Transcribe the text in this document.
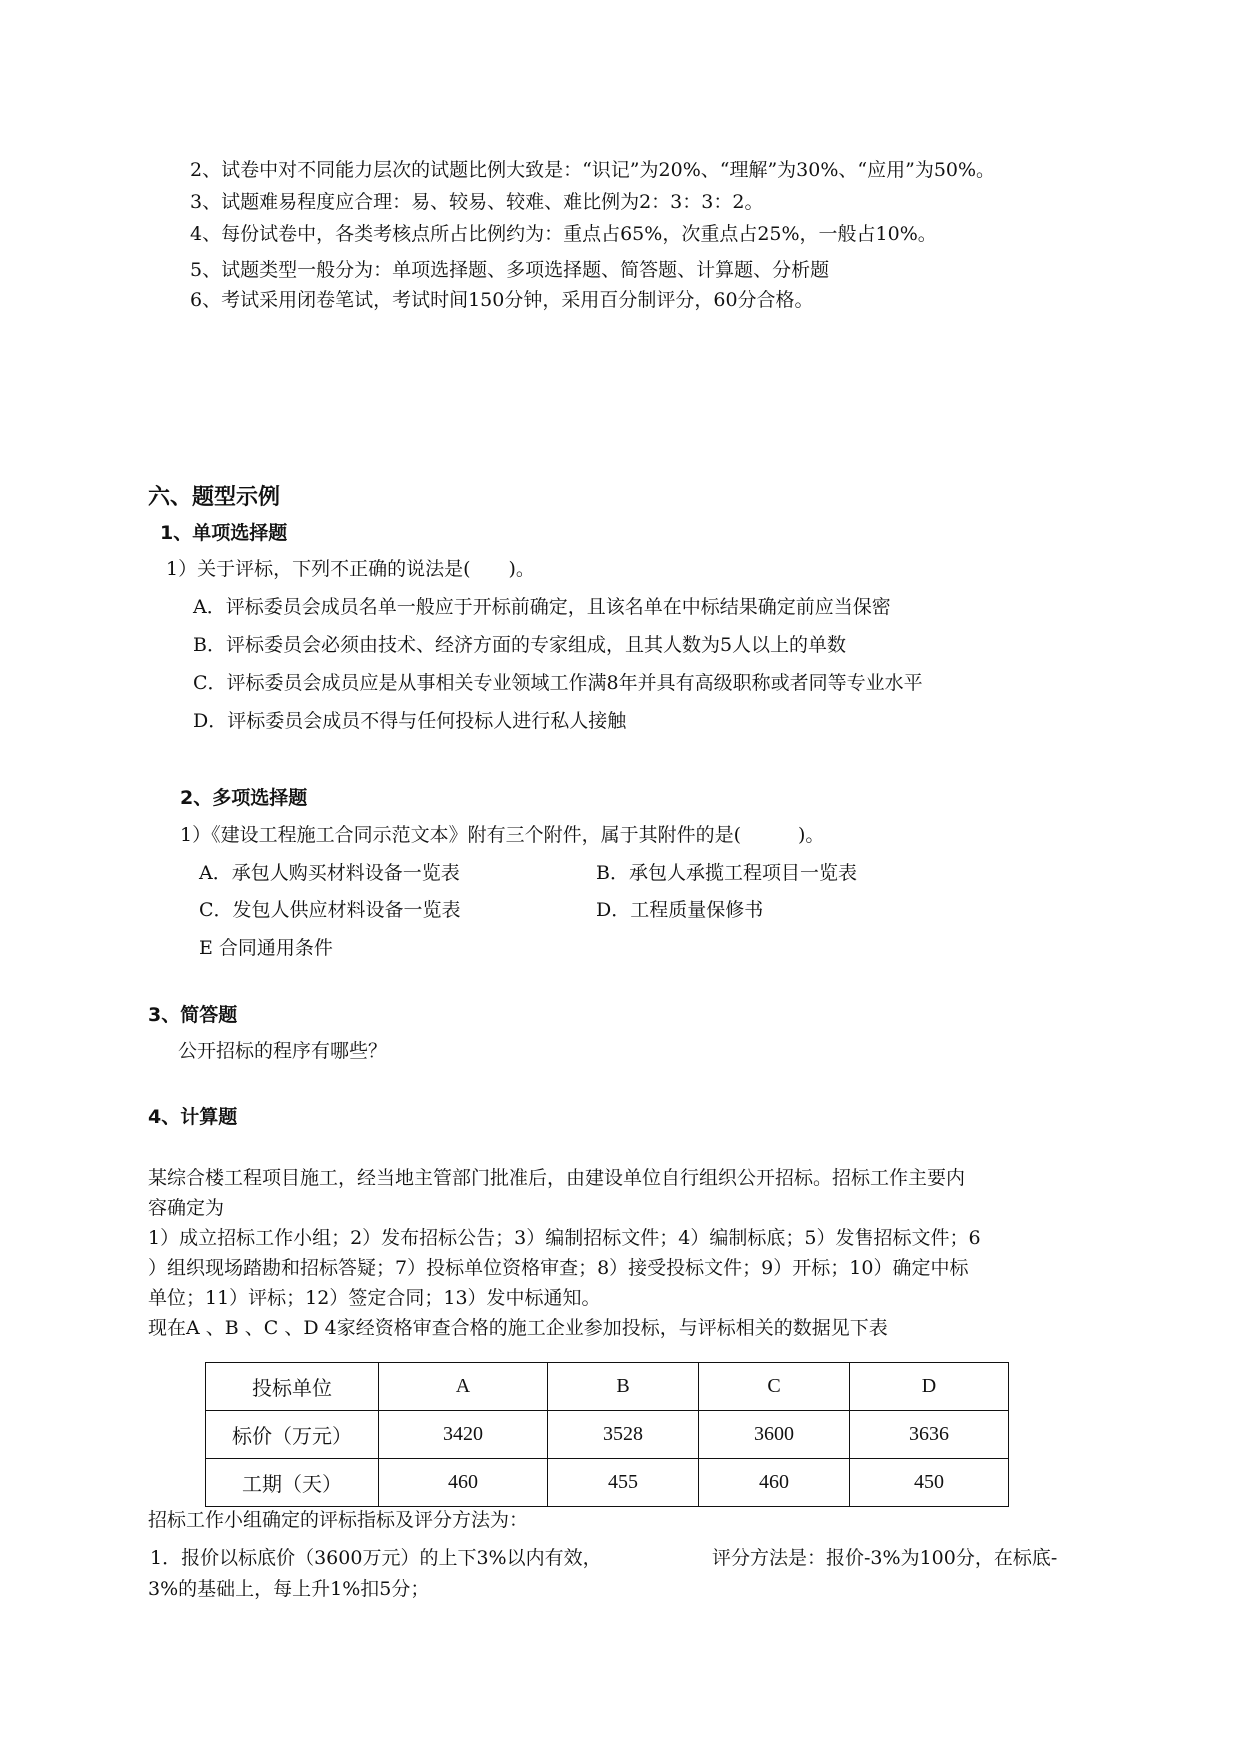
2、试卷中对不同能力层次的试题比例大致是：“识记”为20%、“理解”为30%、“应用”为50%。
3、试题难易程度应合理：易、较易、较难、难比例为2：3：3：2。
4、每份试卷中，各类考核点所占比例约为：重点占65%，次重点占25%，一般占10%。
5、试题类型一般分为：单项选择题、多项选择题、简答题、计算题、分析题
6、考试采用闭卷笔试，考试时间150分钟，采用百分制评分，60分合格。
六、题型示例
1、单项选择题
1）关于评标，下列不正确的说法是(　　)。
A．评标委员会成员名单一般应于开标前确定，且该名单在中标结果确定前应当保密
B．评标委员会必须由技术、经济方面的专家组成，且其人数为5人以上的单数
C．评标委员会成员应是从事相关专业领域工作满8年并具有高级职称或者同等专业水平
D．评标委员会成员不得与任何投标人进行私人接触
2、多项选择题
1）《建设工程施工合同示范文本》附有三个附件，属于其附件的是(　　　)。
A．承包人购买材料设备一览表	B．承包人承揽工程项目一览表
C．发包人供应材料设备一览表	D．工程质量保修书
E 合同通用条件
3、简答题
公开招标的程序有哪些？
4、计算题
某综合楼工程项目施工，经当地主管部门批准后，由建设单位自行组织公开招标。招标工作主要内
容确定为
1）成立招标工作小组；2）发布招标公告；3）编制招标文件；4）编制标底；5）发售招标文件；6
）组织现场踏勘和招标答疑；7）投标单位资格审查；8）接受投标文件；9）开标；10）确定中标
单位；11）评标；12）签定合同；13）发中标通知。
现在A 、B 、C 、D 4家经资格审查合格的施工企业参加投标，与评标相关的数据见下表
投标单位	A	B	C	D
标价（万元）	3420	3528	3600	3636
工期（天）	460	455	460	450
招标工作小组确定的评标指标及评分方法为：
1．报价以标底价（3600万元）的上下3%以内有效，	评分方法是：报价-3%为100分，在标底-
3%的基础上，每上升1%扣5分；
